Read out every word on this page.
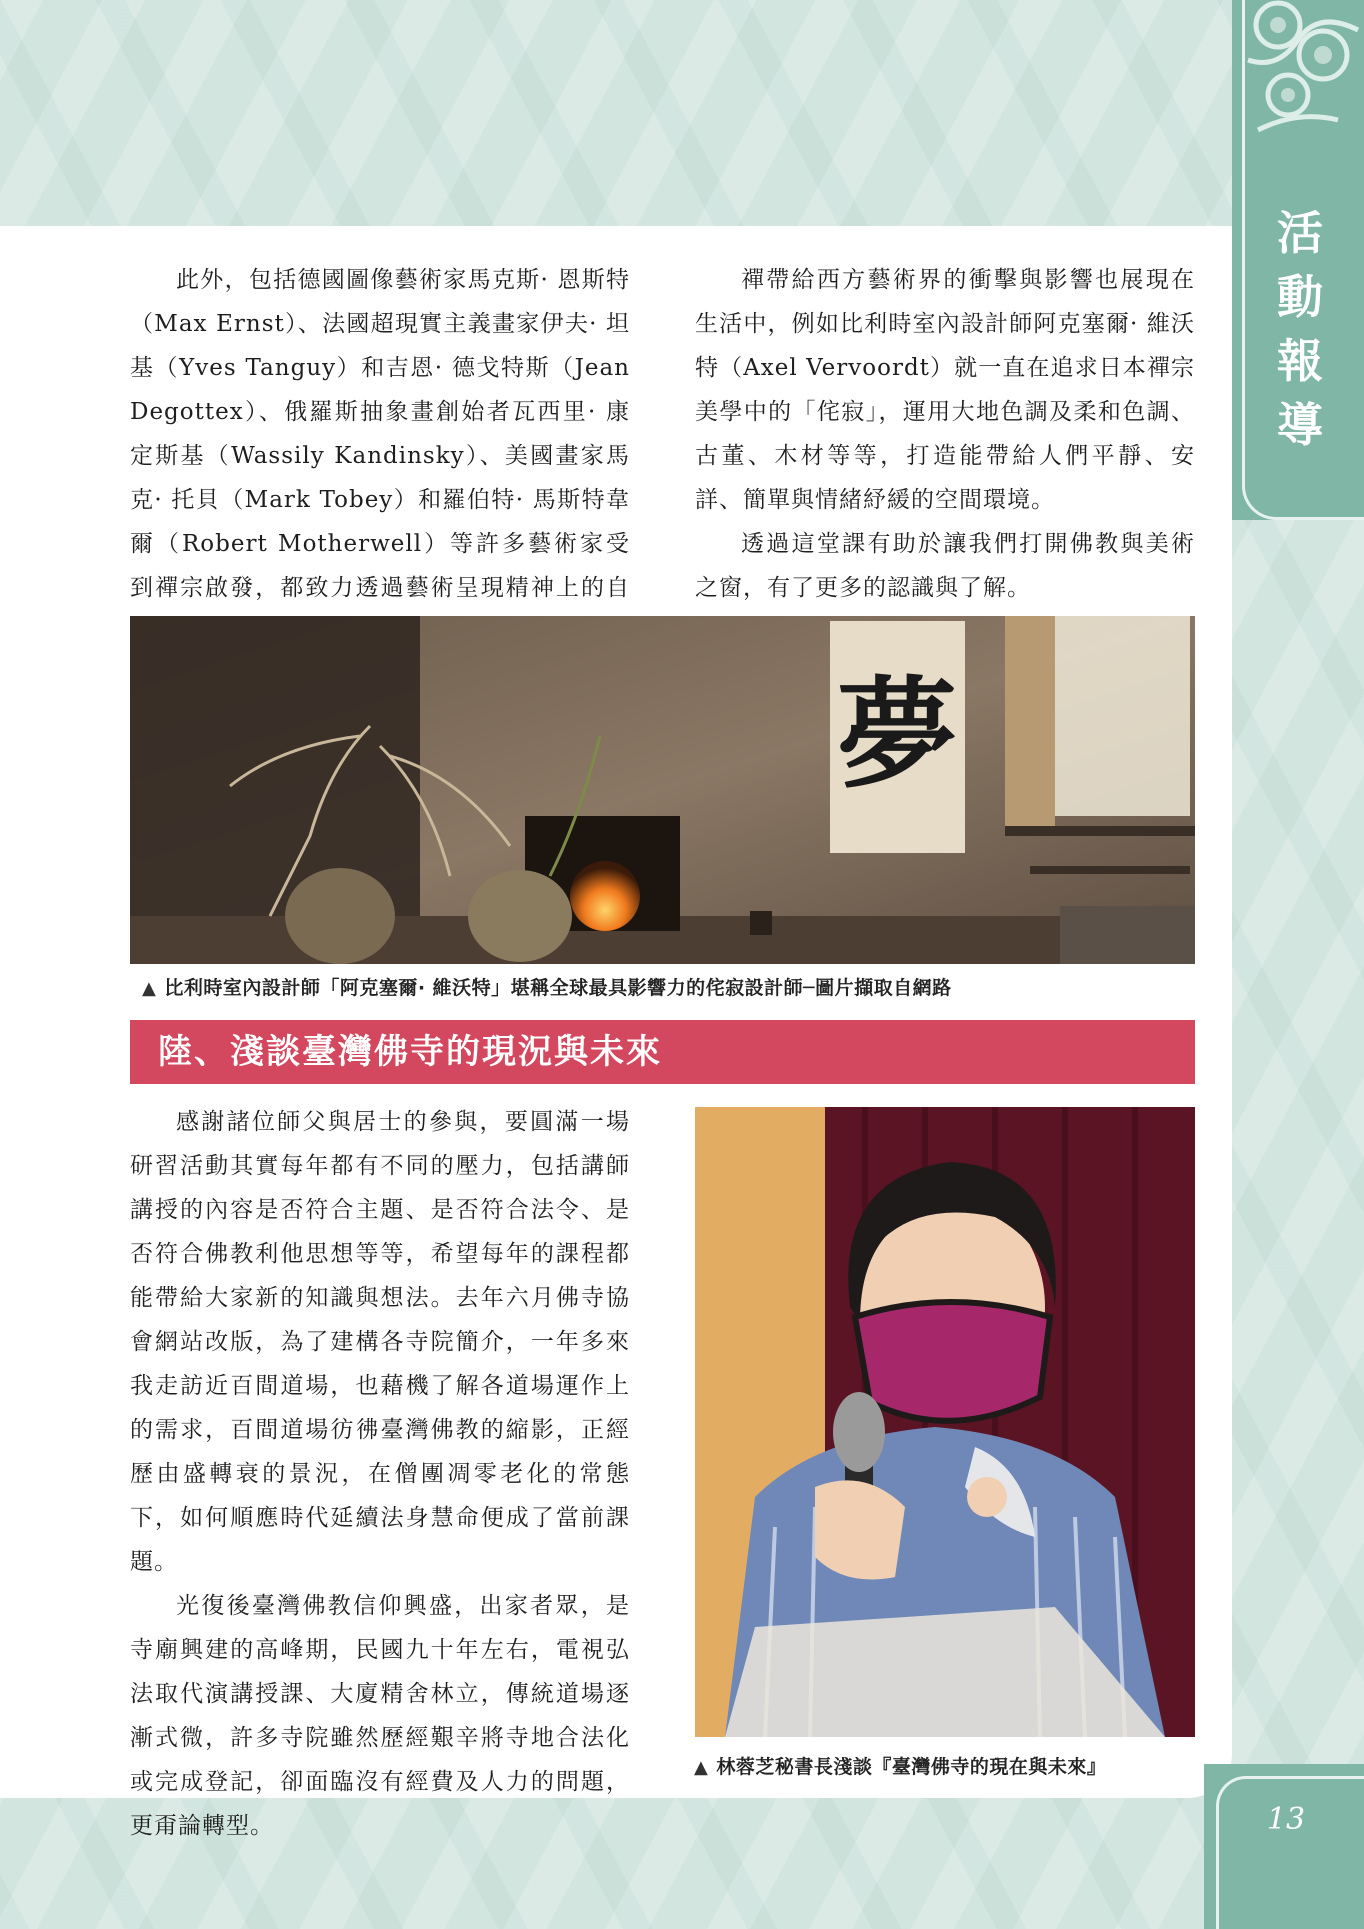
活
動
報
導

此外，包括德國圖像藝術家馬克斯· 恩斯特（Max Ernst）、法國超現實主義畫家伊夫· 坦基（Yves Tanguy）和吉恩· 德戈特斯（Jean Degottex）、俄羅斯抽象畫創始者瓦西里· 康定斯基（Wassily Kandinsky）、美國畫家馬克· 托貝（Mark Tobey）和羅伯特· 馬斯特韋爾（Robert Motherwell）等許多藝術家受到禪宗啟發，都致力透過藝術呈現精神上的自

禪帶給西方藝術界的衝擊與影響也展現在生活中，例如比利時室內設計師阿克塞爾· 維沃特（Axel Vervoordt）就一直在追求日本禪宗美學中的「侘寂」，運用大地色調及柔和色調、古董、木材等等，打造能帶給人們平靜、安詳、簡單與情緒紓緩的空間環境。

透過這堂課有助於讓我們打開佛教與美術之窗，有了更多的認識與了解。

夢
▲ 比利時室內設計師「阿克塞爾· 維沃特」堪稱全球最具影響力的侘寂設計師─圖片擷取自網路
陸、淺談臺灣佛寺的現況與未來

感謝諸位師父與居士的參與，要圓滿一場研習活動其實每年都有不同的壓力，包括講師講授的內容是否符合主題、是否符合法令、是否符合佛教利他思想等等，希望每年的課程都能帶給大家新的知識與想法。去年六月佛寺協會網站改版，為了建構各寺院簡介，一年多來我走訪近百間道場，也藉機了解各道場運作上的需求，百間道場彷彿臺灣佛教的縮影，正經歷由盛轉衰的景況，在僧團凋零老化的常態下，如何順應時代延續法身慧命便成了當前課題。

光復後臺灣佛教信仰興盛，出家者眾，是寺廟興建的高峰期，民國九十年左右，電視弘法取代演講授課、大廈精舍林立，傳統道場逐漸式微，許多寺院雖然歷經艱辛將寺地合法化或完成登記，卻面臨沒有經費及人力的問題，更甭論轉型。

▲ 林蓉芝秘書長淺談『臺灣佛寺的現在與未來』
13
